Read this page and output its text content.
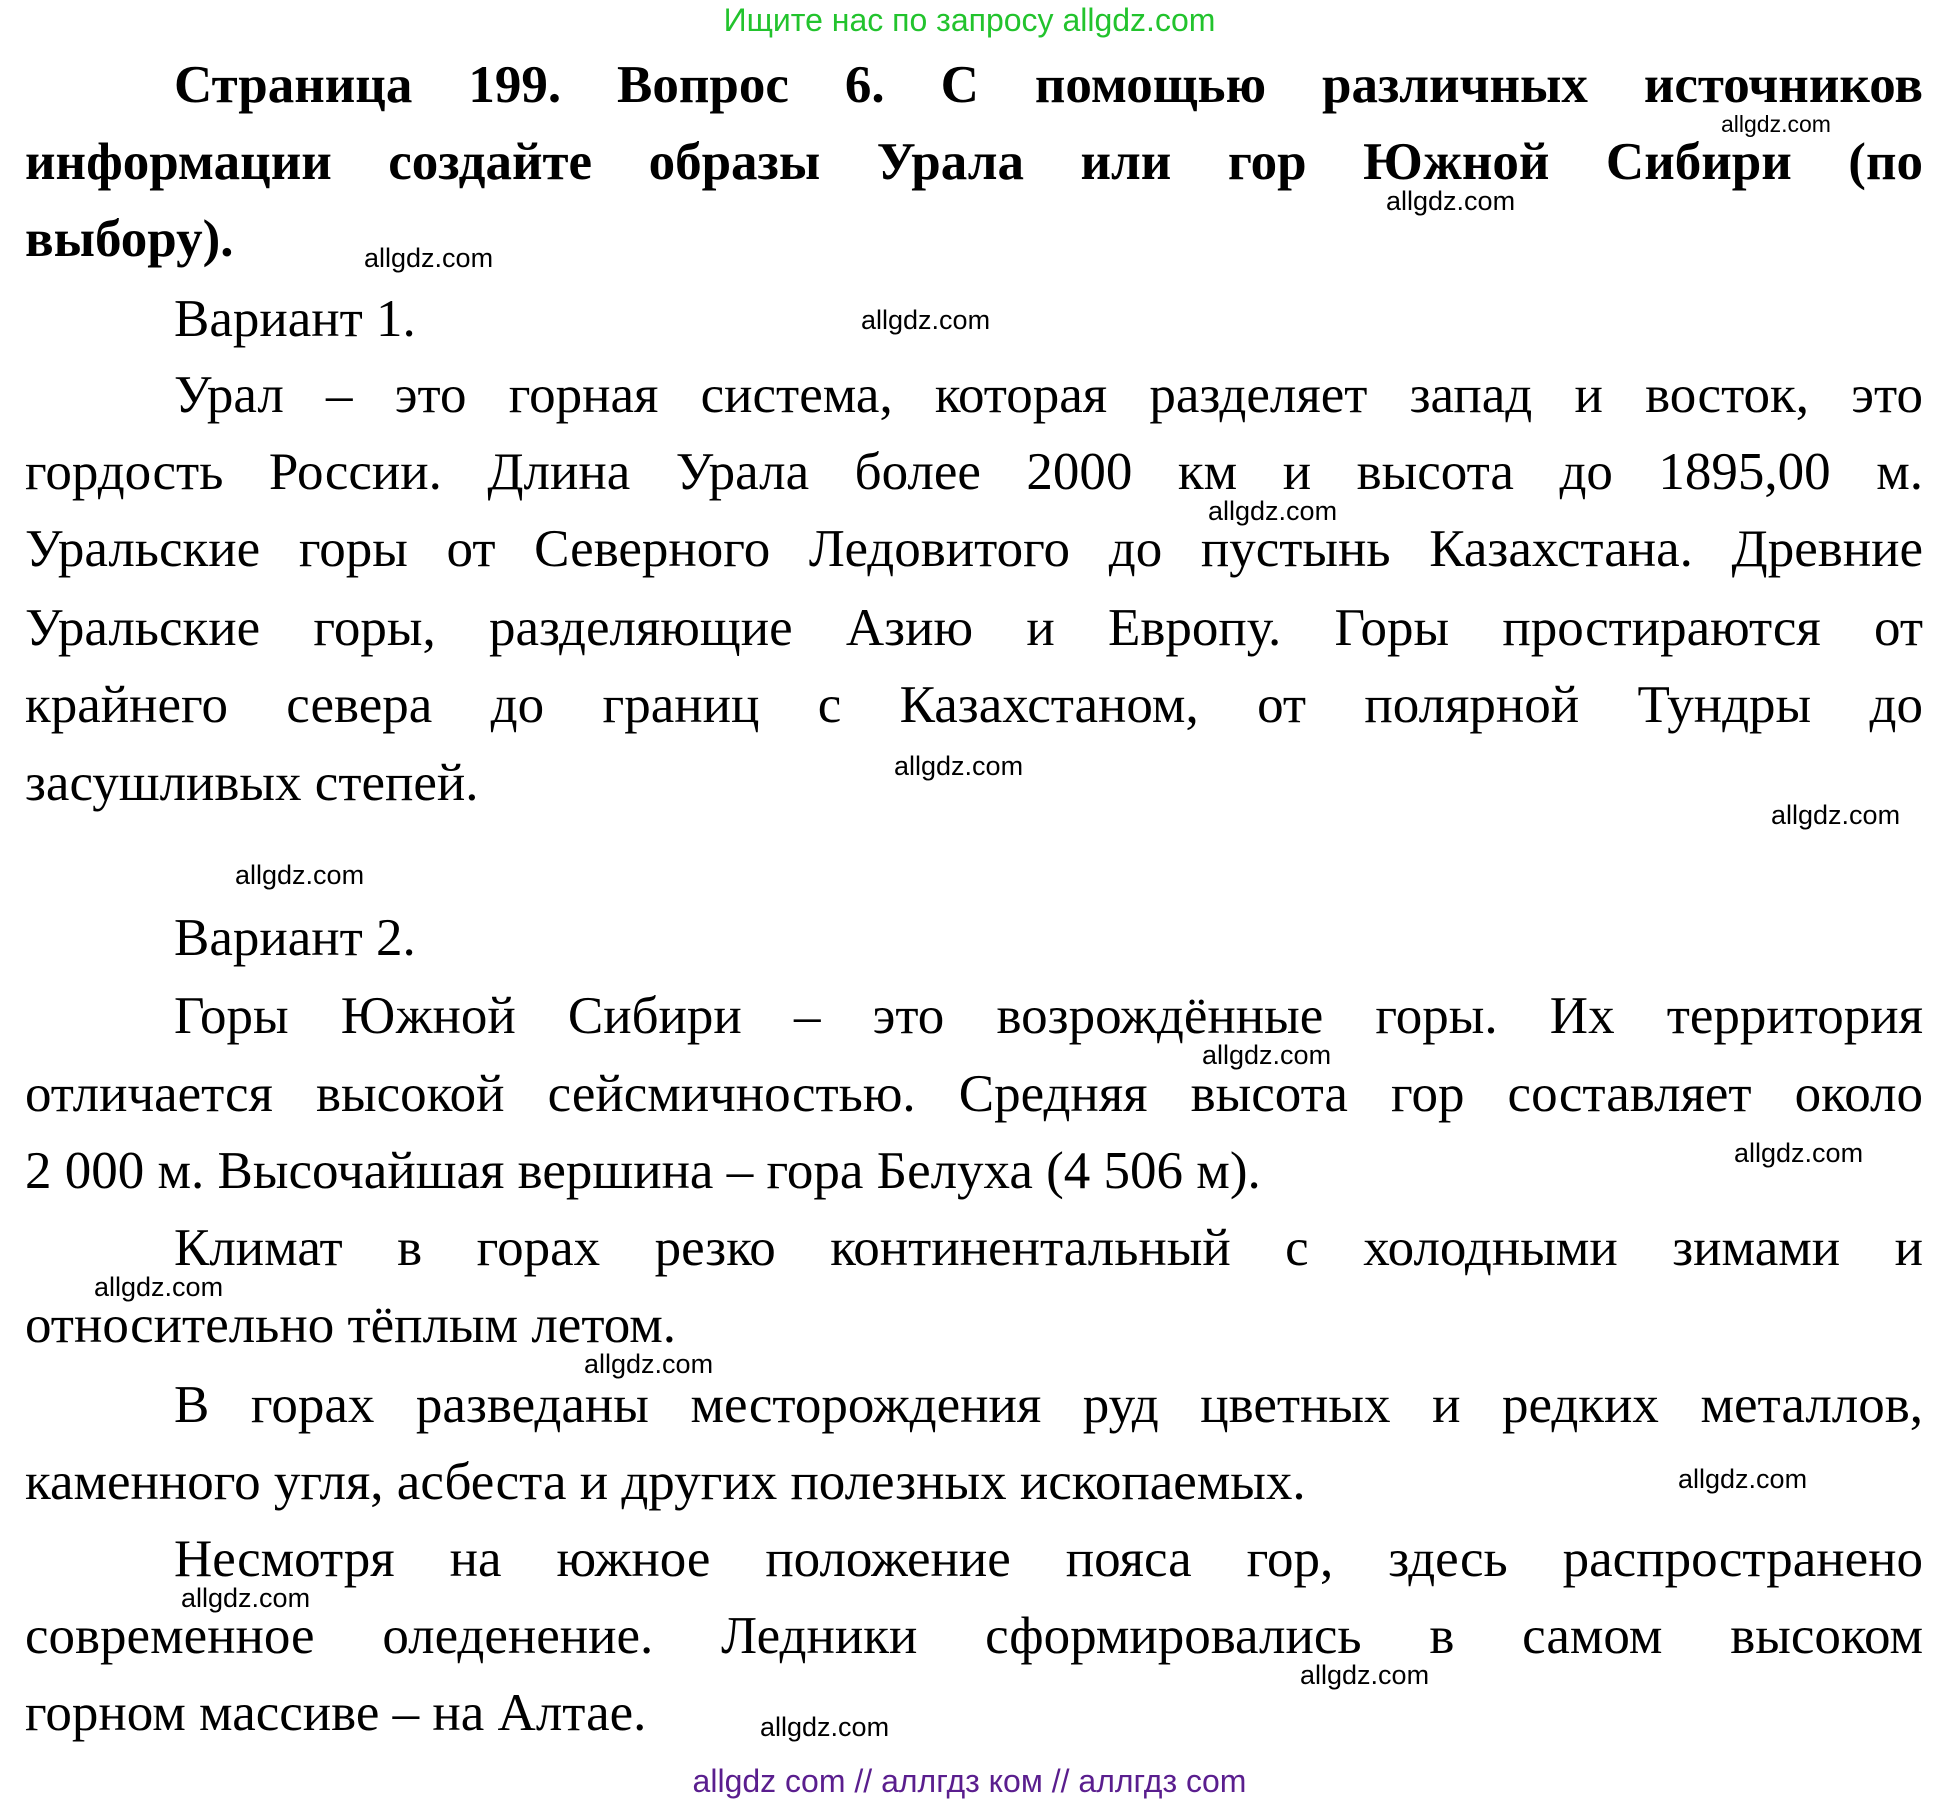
Ищите нас по запросу allgdz.com
Страница 199. Вопрос 6. С помощью различных источников
информации создайте образы Урала или гор Южной Сибири (по
выбору).
Вариант 1.
Урал – это горная система, которая разделяет запад и восток, это
гордость России. Длина Урала более 2000 км и высота до 1895,00 м.
Уральские горы от Северного Ледовитого до пустынь Казахстана. Древние
Уральские горы, разделяющие Азию и Европу. Горы простираются от
крайнего севера до границ с Казахстаном, от полярной Тундры до
засушливых степей.
Вариант 2.
Горы Южной Сибири – это возрождённые горы. Их территория
отличается высокой сейсмичностью. Средняя высота гор составляет около
2 000 м. Высочайшая вершина – гора Белуха (4 506 м).
Климат в горах резко континентальный с холодными зимами и
относительно тёплым летом.
В горах разведаны месторождения руд цветных и редких металлов,
каменного угля, асбеста и других полезных ископаемых.
Несмотря на южное положение пояса гор, здесь распространено
современное оледенение. Ледники сформировались в самом высоком
горном массиве – на Алтае.
allgdz.com
allgdz.com
allgdz.com
allgdz.com
allgdz.com
allgdz.com
allgdz.com
allgdz.com
allgdz.com
allgdz.com
allgdz.com
allgdz.com
allgdz.com
allgdz.com
allgdz.com
allgdz.com
allgdz com // аллгдз ком // аллгдз com
